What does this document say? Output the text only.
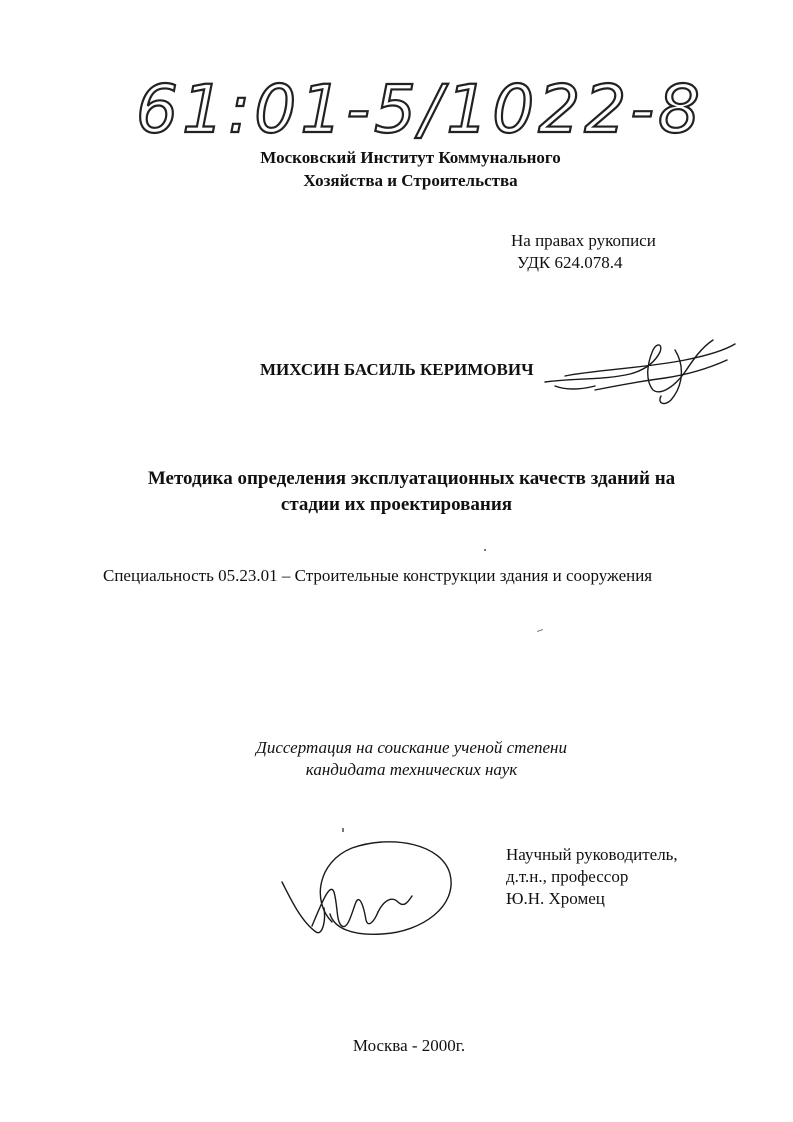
61:01-5/1022-8
Московский Институт Коммунального
Хозяйства и Строительства
На правах рукописи
УДК 624.078.4
МИХСИН БАСИЛЬ КЕРИМОВИЧ
Методика определения эксплуатационных качеств зданий на
стадии их проектирования
Специальность 05.23.01 – Строительные конструкции здания и сооружения
Диссертация на соискание ученой степени
кандидата технических наук
Научный руководитель,
д.т.н., профессор
Ю.Н. Хромец
Москва - 2000г.
